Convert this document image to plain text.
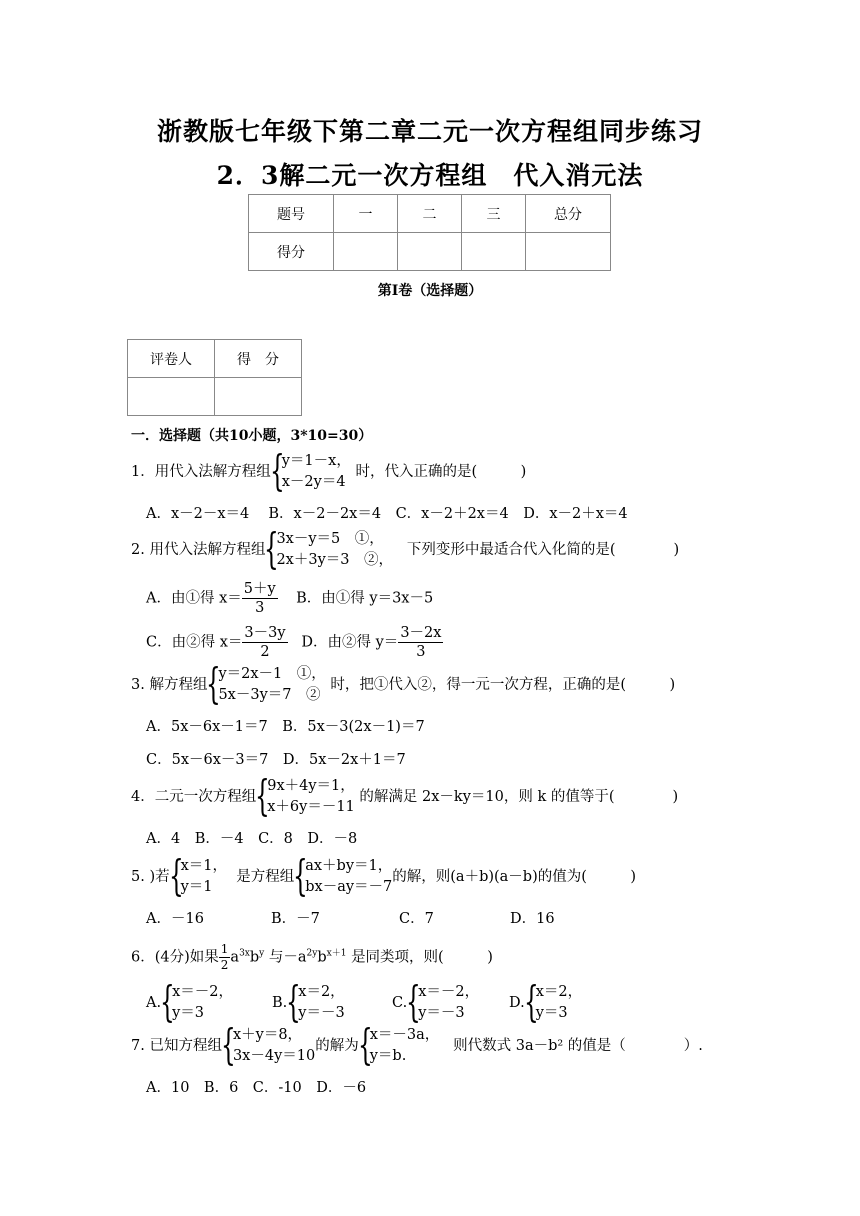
浙教版七年级下第二章二元一次方程组同步练习
2．3解二元一次方程组　代入消元法
题号	一	二	三	总分
得分				
第Ⅰ卷（选择题）
评卷人	得　分

一．选择题（共10小题，3*10=30）
1．用代入法解方程组 {
y＝1－x，
x－2y＝4
时，代入正确的是(　　　)
A．x－2－x＝4　 B．x－2－2x＝4　C．x－2＋2x＝4　D．x－2＋x＝4
2. 用代入法解方程组 {
3x－y＝5　①，
2x＋3y＝3　②，
下列变形中最适合代入化简的是(　　　　)
A．由①得 $x= \frac{5+y}{3}$ B．由①得 y＝3x－5
C．由②得 $x= \frac{3-3y}{2}$ D．由②得 $y= \frac{3-2x}{3}$
3. 解方程组 {
y＝2x－1　①，
5x－3y＝7　②
时，把①代入②，得一元一次方程，正确的是(　　　)
A．5x－6x－1＝7　B．5x－3(2x－1)＝7
C．5x－6x－3＝7　D．5x－2x＋1＝7
4．二元一次方程组 {
9x＋4y＝1，
x＋6y＝－11
的解满足 2x－ky＝10，则 k 的值等于(　　　　)
A．4　B．－4　C．8　D．－8
5. )若 {
x＝1，
y＝1
是方程组 {
ax＋by＝1，
bx－ay＝－7
的解，则(a＋b)(a－b)的值为(　　　)
A．－16	B．－7	C．7	D．16
6．(4分)如果 $\frac{1}{2} a^{3x}b^y$ 与$-a^{2y}b^{x+1}$ 是同类项，则(　　　)
A. {
x＝－2，
y＝3
B. {
x＝2，
y＝－3
C. {
x＝－2，
y＝－3
D. {
x＝2，
y＝3
7. 已知方程组 {
x＋y＝8，
3x－4y＝10
的解为 {
x＝－3a，
y＝b.
则代数式 3a－b² 的值是（　　　　）.
A．10　B．6　C．-10　D．－6
